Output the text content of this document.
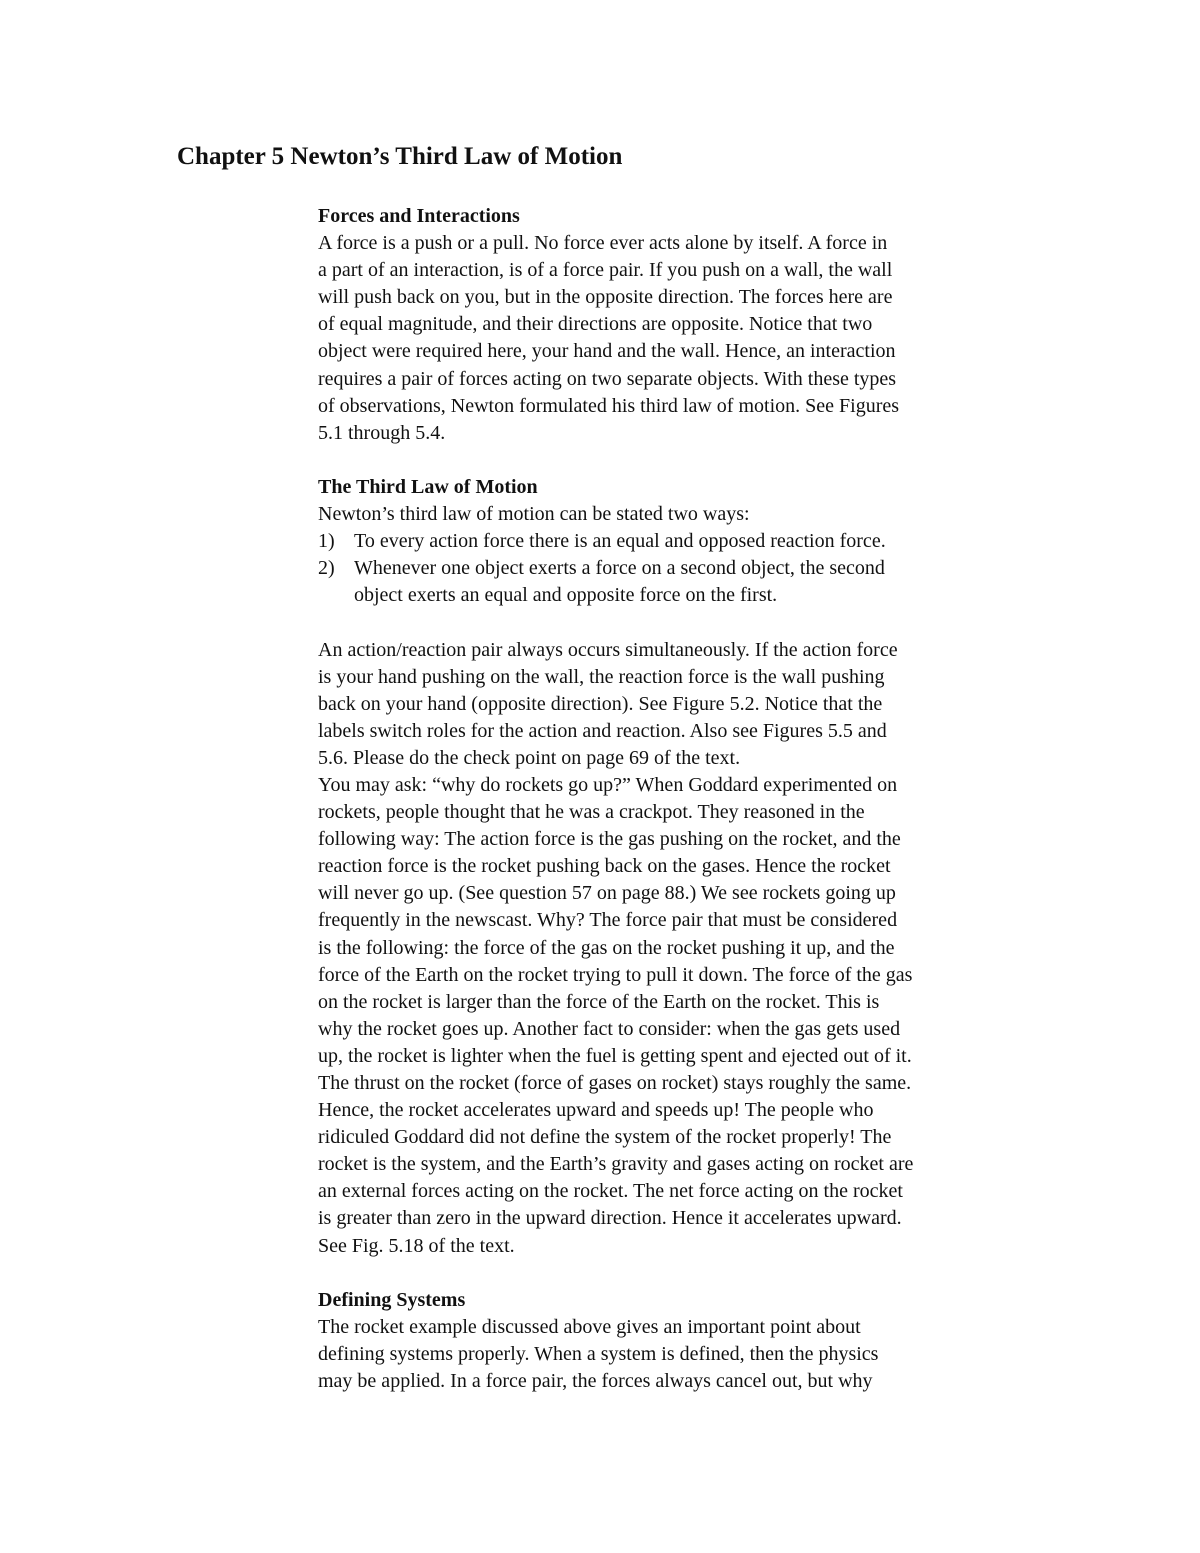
Chapter 5 Newton’s Third Law of Motion
Forces and Interactions
A force is a push or a pull. No force ever acts alone by itself. A force in
a part of an interaction, is of a force pair. If you push on a wall, the wall
will push back on you, but in the opposite direction. The forces here are
of equal magnitude, and their directions are opposite. Notice that two
object were required here, your hand and the wall. Hence, an interaction
requires a pair of forces acting on two separate objects. With these types
of observations, Newton formulated his third law of motion. See Figures
5.1 through 5.4.
The Third Law of Motion
Newton’s third law of motion can be stated two ways:
1) To every action force there is an equal and opposed reaction force.
2) Whenever one object exerts a force on a second object, the second
object exerts an equal and opposite force on the first.
An action/reaction pair always occurs simultaneously. If the action force
is your hand pushing on the wall, the reaction force is the wall pushing
back on your hand (opposite direction). See Figure 5.2. Notice that the
labels switch roles for the action and reaction. Also see Figures 5.5 and
5.6. Please do the check point on page 69 of the text.
You may ask: “why do rockets go up?” When Goddard experimented on
rockets, people thought that he was a crackpot. They reasoned in the
following way: The action force is the gas pushing on the rocket, and the
reaction force is the rocket pushing back on the gases. Hence the rocket
will never go up. (See question 57 on page 88.) We see rockets going up
frequently in the newscast. Why? The force pair that must be considered
is the following: the force of the gas on the rocket pushing it up, and the
force of the Earth on the rocket trying to pull it down. The force of the gas
on the rocket is larger than the force of the Earth on the rocket. This is
why the rocket goes up. Another fact to consider: when the gas gets used
up, the rocket is lighter when the fuel is getting spent and ejected out of it.
The thrust on the rocket (force of gases on rocket) stays roughly the same.
Hence, the rocket accelerates upward and speeds up! The people who
ridiculed Goddard did not define the system of the rocket properly! The
rocket is the system, and the Earth’s gravity and gases acting on rocket are
an external forces acting on the rocket. The net force acting on the rocket
is greater than zero in the upward direction. Hence it accelerates upward.
See Fig. 5.18 of the text.
Defining Systems
The rocket example discussed above gives an important point about
defining systems properly. When a system is defined, then the physics
may be applied. In a force pair, the forces always cancel out, but why
